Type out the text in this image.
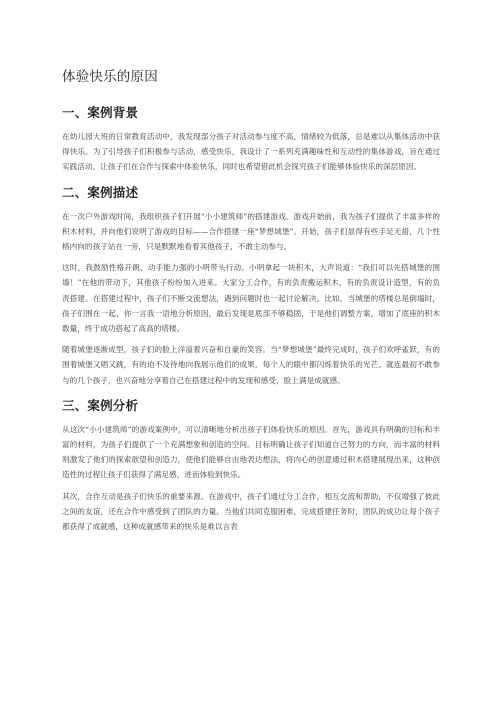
体验快乐的原因
一、案例背景

在幼儿园大班的日常教育活动中，我发现部分孩子对活动参与度不高，情绪较为低落，总是难以从集体活动中获得快乐。为了引导孩子们积极参与活动，感受快乐，我设计了一系列充满趣味性和互动性的集体游戏，旨在通过实践活动，让孩子们在合作与探索中体验快乐，同时也希望借此机会探究孩子们能够体验快乐的深层原因。

二、案例描述

在一次户外游戏时间，我组织孩子们开展“小小建筑师”的搭建游戏。游戏开始前，我为孩子们提供了丰富多样的积木材料，并向他们说明了游戏的目标——合作搭建一座“梦想城堡”。开始，孩子们显得有些手足无措，几个性格内向的孩子站在一旁，只是默默地看着其他孩子，不敢主动参与。

这时，我鼓励性格开朗、动手能力强的小明带头行动。小明拿起一块积木，大声说道：“我们可以先搭城堡的围墙！”在他的带动下，其他孩子纷纷加入进来。大家分工合作，有的负责搬运积木，有的负责设计造型，有的负责搭建。在搭建过程中，孩子们不断交流想法，遇到问题时也一起讨论解决。比如，当城堡的塔楼总是倒塌时，孩子们围在一起，你一言我一语地分析原因，最后发现是底部不够稳固，于是他们调整方案，增加了底座的积木数量，终于成功搭起了高高的塔楼。

随着城堡逐渐成型，孩子们的脸上洋溢着兴奋和自豪的笑容。当“梦想城堡”最终完成时，孩子们欢呼雀跃，有的围着城堡又唱又跳，有的迫不及待地向我展示他们的成果，每个人的眼中都闪烁着快乐的光芒。就连最初不敢参与的几个孩子，也兴奋地分享着自己在搭建过程中的发现和感受，脸上满是成就感。

三、案例分析

从这次“小小建筑师”的游戏案例中，可以清晰地分析出孩子们体验快乐的原因。首先，游戏具有明确的目标和丰富的材料，为孩子们提供了一个充满想象和创造的空间。目标明确让孩子们知道自己努力的方向，而丰富的材料则激发了他们的探索欲望和创造力，使他们能够自由地表达想法，将内心的创意通过积木搭建展现出来，这种创造性的过程让孩子们获得了满足感，进而体验到快乐。

其次，合作互动是孩子们快乐的重要来源。在游戏中，孩子们通过分工合作，相互交流和帮助，不仅增强了彼此之间的友谊，还在合作中感受到了团队的力量。当他们共同克服困难，完成搭建任务时，团队的成功让每个孩子都获得了成就感，这种成就感带来的快乐是难以言表
